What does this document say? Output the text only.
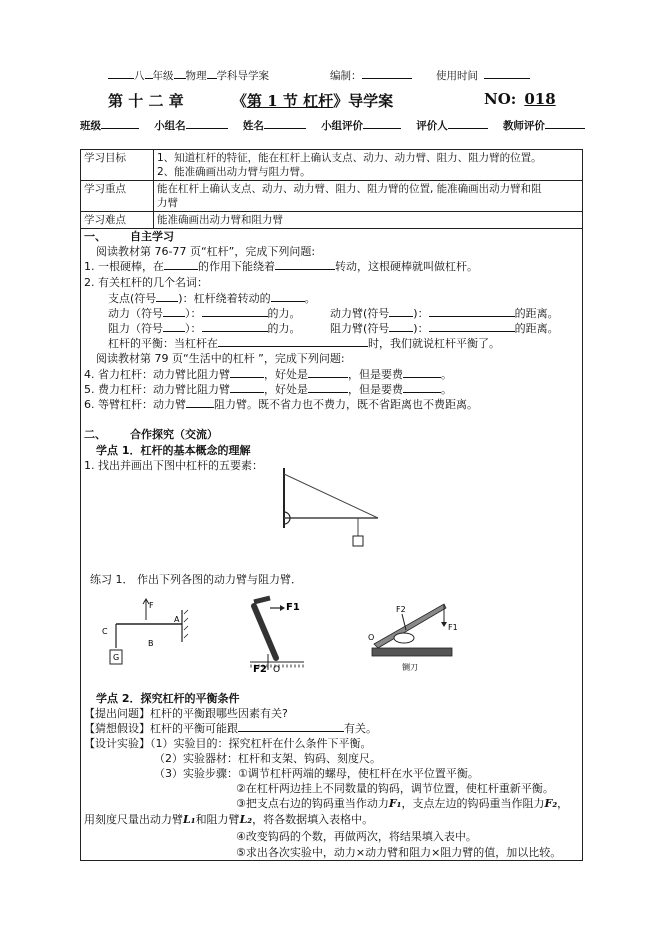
八 年级 物理 学科导学案	编制：	使用时间
第 十 二 章	《第 1 节 杠杆》导学案	NO: 018
班级	小组名	姓名	小组评价	评价人	教师评价
学习目标	1、知道杠杆的特征，能在杠杆上确认支点、动力、动力臂、阻力、阻力臂的位置。
2、能准确画出动力臂与阻力臂。

学习重点	能在杠杆上确认支点、动力、动力臂、阻力、阻力臂的位置, 能准确画出动力臂和阻
力臂

学习难点	能准确画出动力臂和阻力臂
一、 自主学习
阅读教材第 76-77 页“杠杆”，完成下列问题:
1. 一根硬棒，在	的作用下能绕着	转动，这根硬棒就叫做杠杆。
2. 有关杠杆的几个名词：
支点(符号 )：杠杆绕着转动的	。
动力（符号 ）：	的力。	动力臂(符号 )：	的距离。
阻力（符号 ）：	的力。	阻力臂(符号 )：	的距离。
杠杆的平衡：当杠杆在	时，我们就说杠杆平衡了。
阅读教材第 79 页“生活中的杠杆 ”，完成下列问题:
4. 省力杠杆：动力臂比阻力臂	，好处是	，但是要费	。
5. 费力杠杆：动力臂比阻力臂	，好处是	，但是要费	。
6. 等臂杠杆：动力臂	阻力臂。既不省力也不费力，既不省距离也不费距离。
二、 合作探究（交流）
学点 1．杠杆的基本概念的理解
1. 找出并画出下图中杠杆的五要素：
练习 1． 作出下列各图的动力臂与阻力臂．
F
C
A
B
G
F1
F2 O
F1
F2
O
铡刀
学点 2．探究杠杆的平衡条件
【提出问题】杠杆的平衡跟哪些因素有关?
【猜想假设】杠杆的平衡可能跟	有关。
【设计实验】（1）实验目的：探究杠杆在什么条件下平衡。
（2）实验器材：杠杆和支架、钩码、刻度尺。
（3）实验步骤：①调节杠杆两端的螺母，使杠杆在水平位置平衡。
②在杠杆两边挂上不同数量的钩码，调节位置，使杠杆重新平衡。
③把支点右边的钩码重当作动力F₁，支点左边的钩码重当作阻力F₂，
用刻度尺量出动力臂L₁和阻力臂L₂，将各数据填入表格中。
④改变钩码的个数，再做两次，将结果填入表中。
⑤求出各次实验中，动力×动力臂和阻力×阻力臂的值，加以比较。
